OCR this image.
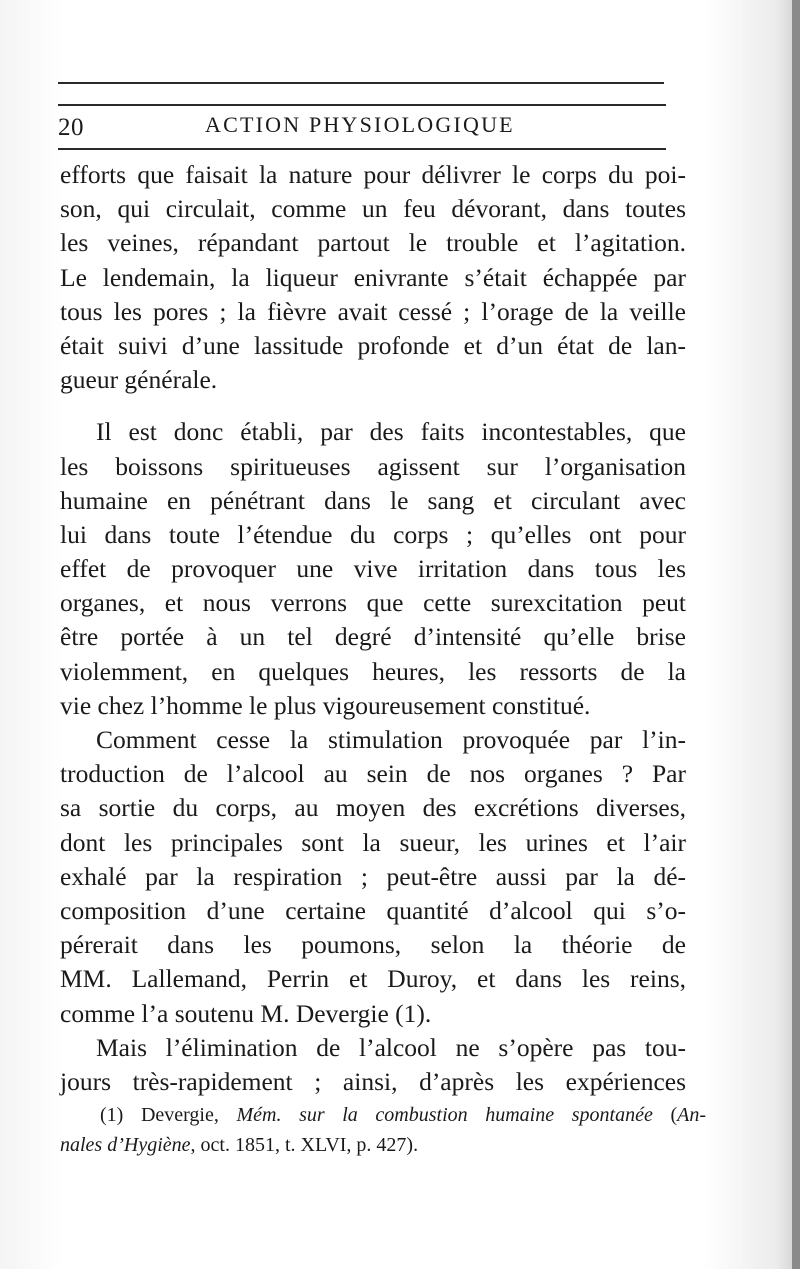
20	ACTION PHYSIOLOGIQUE
efforts que faisait la nature pour délivrer le corps du poi-
son, qui circulait, comme un feu dévorant, dans toutes
les veines, répandant partout le trouble et l’agitation.
Le lendemain, la liqueur enivrante s’était échappée par
tous les pores ; la fièvre avait cessé ; l’orage de la veille
était suivi d’une lassitude profonde et d’un état de lan-
gueur générale.
Il est donc établi, par des faits incontestables, que
les boissons spiritueuses agissent sur l’organisation
humaine en pénétrant dans le sang et circulant avec
lui dans toute l’étendue du corps ; qu’elles ont pour
effet de provoquer une vive irritation dans tous les
organes, et nous verrons que cette surexcitation peut
être portée à un tel degré d’intensité qu’elle brise
violemment, en quelques heures, les ressorts de la
vie chez l’homme le plus vigoureusement constitué.
Comment cesse la stimulation provoquée par l’in-
troduction de l’alcool au sein de nos organes ? Par
sa sortie du corps, au moyen des excrétions diverses,
dont les principales sont la sueur, les urines et l’air
exhalé par la respiration ; peut-être aussi par la dé-
composition d’une certaine quantité d’alcool qui s’o-
pérerait dans les poumons, selon la théorie de
MM. Lallemand, Perrin et Duroy, et dans les reins,
comme l’a soutenu M. Devergie (1).
Mais l’élimination de l’alcool ne s’opère pas tou-
jours très-rapidement ; ainsi, d’après les expériences
(1) Devergie, Mém. sur la combustion humaine spontanée (An-
nales d’Hygiène, oct. 1851, t. XLVI, p. 427).
